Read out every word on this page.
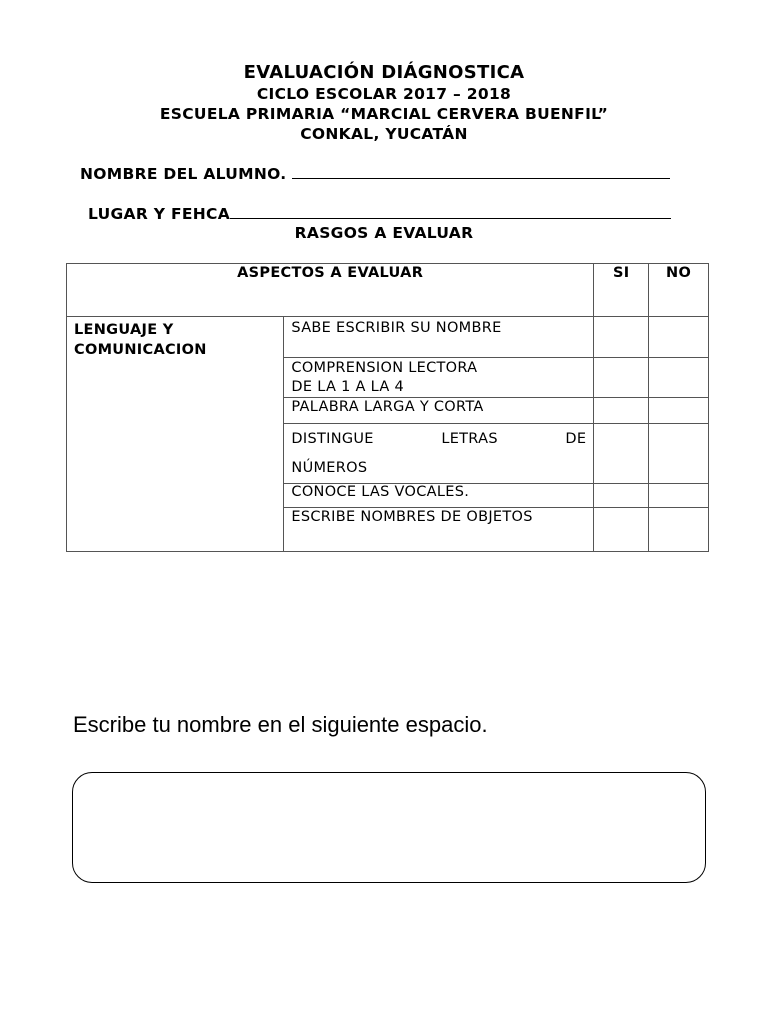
EVALUACIÓN DIÁGNOSTICA
CICLO ESCOLAR 2017 – 2018
ESCUELA PRIMARIA “MARCIAL CERVERA BUENFIL”
CONKAL, YUCATÁN
NOMBRE DEL ALUMNO.
LUGAR Y FEHCA
RASGOS A EVALUAR
ASPECTOS A EVALUAR		SI	NO
LENGUAJE Y COMUNICACION	SABE ESCRIBIR SU NOMBRE		

	COMPRENSION LECTORA
DE LA 1 A LA 4		

	PALABRA LARGA Y CORTA		

	DISTINGUE LETRAS DE
NÚMEROS		

	CONOCE LAS VOCALES.		
	ESCRIBE NOMBRES DE OBJETOS		
Escribe tu nombre en el siguiente espacio.
